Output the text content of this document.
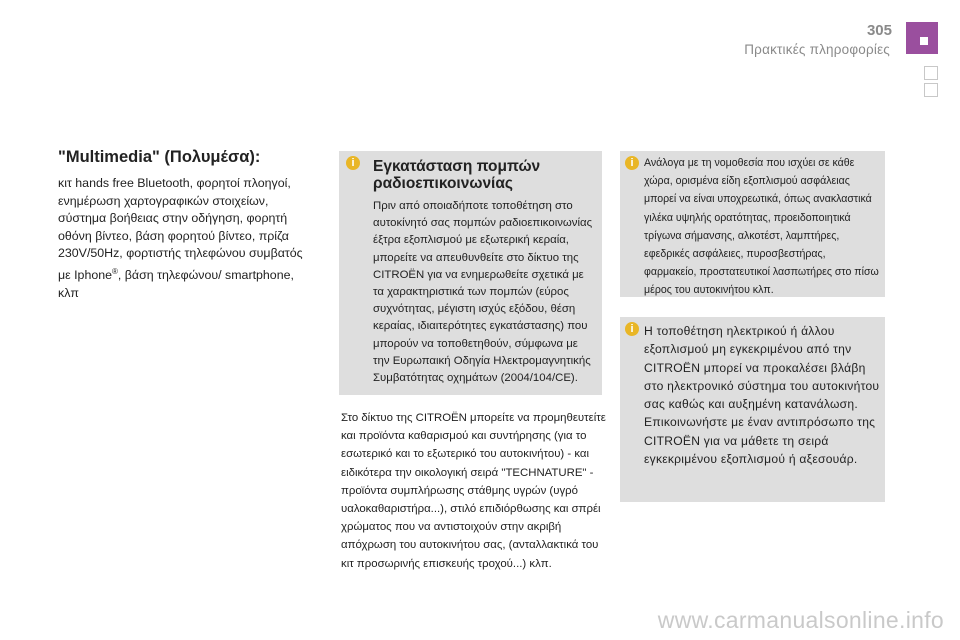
305
Πρακτικές πληροφορίες

"Multimedia" (Πολυμέσα):

κιτ hands free Bluetooth, φορητοί πλοηγοί, ενημέρωση χαρτογραφικών στοιχείων, σύστημα βοήθειας στην οδήγηση, φορητή οθόνη βίντεο, βάση φορητού βίντεο, πρίζα 230V/50Hz, φορτιστής τηλεφώνου συμβατός με Iphone®, βάση τηλεφώνου/ smartphone, κλπ

i	Εγκατάσταση πομπών ραδιοεπικοινωνίας

Πριν από οποιαδήποτε τοποθέτηση στο αυτοκίνητό σας πομπών ραδιοεπικοινωνίας έξτρα εξοπλισμού με εξωτερική κεραία, μπορείτε να απευθυνθείτε στο δίκτυο της CITROËN για να ενημερωθείτε σχετικά με τα χαρακτηριστικά των πομπών (εύρος συχνότητας, μέγιστη ισχύς εξόδου, θέση κεραίας, ιδιαιτερότητες εγκατάστασης) που μπορούν να τοποθετηθούν, σύμφωνα με την Ευρωπαική Οδηγία Ηλεκτρομαγνητικής Συμβατότητας οχημάτων (2004/104/CE).

Στο δίκτυο της CITROËN μπορείτε να προμηθευτείτε και προϊόντα καθαρισμού και συντήρησης (για το εσωτερικό και το εξωτερικό του αυτοκινήτου) - και ειδικότερα την οικολογική σειρά "TECHNATURE" - προϊόντα συμπλήρωσης στάθμης υγρών (υγρό υαλοκαθαριστήρα...), στιλό επιδιόρθωσης και σπρέι χρώματος που να αντιστοιχούν στην ακριβή απόχρωση του αυτοκινήτου σας, (ανταλλακτικά του κιτ προσωρινής επισκευής τροχού...) κλπ.

i Ανάλογα με τη νομοθεσία που ισχύει σε κάθε χώρα, ορισμένα είδη εξοπλισμού ασφάλειας μπορεί να είναι υποχρεωτικά, όπως ανακλαστικά γιλέκα υψηλής ορατότητας, προειδοποιητικά τρίγωνα σήμανσης, αλκοτέστ, λαμπτήρες, εφεδρικές ασφάλειες, πυροσβεστήρας, φαρμακείο, προστατευτικοί λασπωτήρες στο πίσω μέρος του αυτοκινήτου κλπ.

i Η τοποθέτηση ηλεκτρικού ή άλλου εξοπλισμού μη εγκεκριμένου από την CITROËN μπορεί να προκαλέσει βλάβη στο ηλεκτρονικό σύστημα του αυτοκινήτου σας καθώς και αυξημένη κατανάλωση.

Επικοινωνήστε με έναν αντιπρόσωπο της CITROËN για να μάθετε τη σειρά εγκεκριμένου εξοπλισμού ή αξεσουάρ.

www.carmanualsonline.info
